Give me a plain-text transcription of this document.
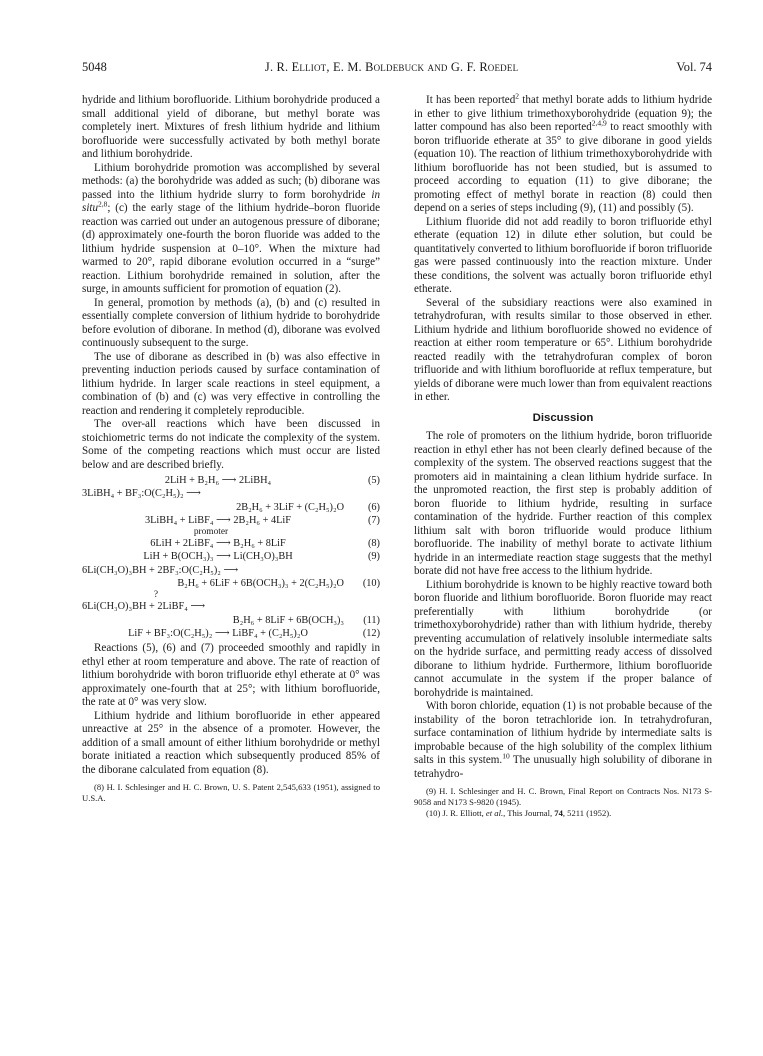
5048	J. R. Elliot, E. M. Boldebuck and G. F. Roedel	Vol. 74

hydride and lithium borofluoride. Lithium borohydride produced a small additional yield of diborane, but methyl borate was completely inert. Mixtures of fresh lithium hydride and lithium borofluoride were successfully activated by both methyl borate and lithium borohydride.

Lithium borohydride promotion was accomplished by several methods: (a) the borohydride was added as such; (b) diborane was passed into the lithium hydride slurry to form borohydride in situ$^{2,8}$; (c) the early stage of the lithium hydride–boron fluoride reaction was carried out under an autogenous pressure of diborane; (d) approximately one-fourth the boron fluoride was added to the lithium hydride suspension at 0–10°. When the mixture had warmed to 20°, rapid diborane evolution occurred in a “surge” reaction. Lithium borohydride remained in solution, after the surge, in amounts sufficient for promotion of equation (2).

In general, promotion by methods (a), (b) and (c) resulted in essentially complete conversion of lithium hydride to borohydride before evolution of diborane. In method (d), diborane was evolved continuously subsequent to the surge.

The use of diborane as described in (b) was also effective in preventing induction periods caused by surface contamination of lithium hydride. In larger scale reactions in steel equipment, a combination of (b) and (c) was very effective in controlling the reaction and rendering it completely reproducible.

The over-all reactions which have been discussed in stoichiometric terms do not indicate the complexity of the system. Some of the competing reactions which must occur are listed below and are described briefly.

2LiH + B₂H₆ ⟶ 2LiBH₄	(5)
3LiBH₄ + BF₃:O(C₂H₅)₂ ⟶
2B₂H₆ + 3LiF + (C₂H₅)₂O	(6)
3LiBH₄ + LiBF₄ ⟶ 2B₂H₆ + 4LiF	(7)
promoter
6LiH + 2LiBF₄ ⟶ B₂H₆ + 8LiF	(8)
LiH + B(OCH₃)₃ ⟶ Li(CH₃O)₃BH	(9)
6Li(CH₃O)₃BH + 2BF₃:O(C₂H₅)₂ ⟶
B₂H₆ + 6LiF + 6B(OCH₃)₃ + 2(C₂H₅)₂O	(10)
?
6Li(CH₃O)₃BH + 2LiBF₄ ⟶
B₂H₆ + 8LiF + 6B(OCH₃)₃	(11)
LiF + BF₃:O(C₂H₅)₂ ⟶ LiBF₄ + (C₂H₅)₂O	(12)

Reactions (5), (6) and (7) proceeded smoothly and rapidly in ethyl ether at room temperature and above. The rate of reaction of lithium borohydride with boron trifluoride ethyl etherate at 0° was approximately one-fourth that at 25°; with lithium borofluoride, the rate at 0° was very slow.

Lithium hydride and lithium borofluoride in ether appeared unreactive at 25° in the absence of a promoter. However, the addition of a small amount of either lithium borohydride or methyl borate initiated a reaction which subsequently produced 85% of the diborane calculated from equation (8).

(8) H. I. Schlesinger and H. C. Brown, U. S. Patent 2,545,633 (1951), assigned to U.S.A.

It has been reported$^2$ that methyl borate adds to lithium hydride in ether to give lithium trimethoxyborohydride (equation 9); the latter compound has also been reported$^{2,4,9}$ to react smoothly with boron trifluoride etherate at 35° to give diborane in good yields (equation 10). The reaction of lithium trimethoxyborohydride with lithium borofluoride has not been studied, but is assumed to proceed according to equation (11) to give diborane; the promoting effect of methyl borate in reaction (8) could then depend on a series of steps including (9), (11) and possibly (5).

Lithium fluoride did not add readily to boron trifluoride ethyl etherate (equation 12) in dilute ether solution, but could be quantitatively converted to lithium borofluoride if boron trifluoride gas were passed continuously into the reaction mixture. Under these conditions, the solvent was actually boron trifluoride ethyl etherate.

Several of the subsidiary reactions were also examined in tetrahydrofuran, with results similar to those observed in ether. Lithium hydride and lithium borofluoride showed no evidence of reaction at either room temperature or 65°. Lithium borohydride reacted readily with the tetrahydrofuran complex of boron trifluoride and with lithium borofluoride at reflux temperature, but yields of diborane were much lower than from equivalent reactions in ether.

Discussion

The role of promoters on the lithium hydride, boron trifluoride reaction in ethyl ether has not been clearly defined because of the complexity of the system. The observed reactions suggest that the promoters aid in maintaining a clean lithium hydride surface. In the unpromoted reaction, the first step is probably addition of boron fluoride to lithium hydride, resulting in surface contamination of the hydride. Further reaction of this complex lithium salt with boron trifluoride would produce lithium borofluoride. The inability of methyl borate to activate lithium hydride in an intermediate reaction stage suggests that the methyl borate did not have free access to the lithium hydride.

Lithium borohydride is known to be highly reactive toward both boron fluoride and lithium borofluoride. Boron fluoride may react preferentially with lithium borohydride (or trimethoxyborohydride) rather than with lithium hydride, thereby preventing accumulation of relatively insoluble intermediate salts on the hydride surface, and permitting ready access of dissolved diborane to lithium hydride. Furthermore, lithium borofluoride cannot accumulate in the system if the proper balance of borohydride is maintained.

With boron chloride, equation (1) is not probable because of the instability of the boron tetrachloride ion. In tetrahydrofuran, surface contamination of lithium hydride by intermediate salts is improbable because of the high solubility of the complex lithium salts in this system.$^{10}$ The unusually high solubility of diborane in tetrahydro-

(9) H. I. Schlesinger and H. C. Brown, Final Report on Contracts Nos. N173 S-9058 and N173 S-9820 (1945).

(10) J. R. Elliott, et al., This Journal, 74, 5211 (1952).
